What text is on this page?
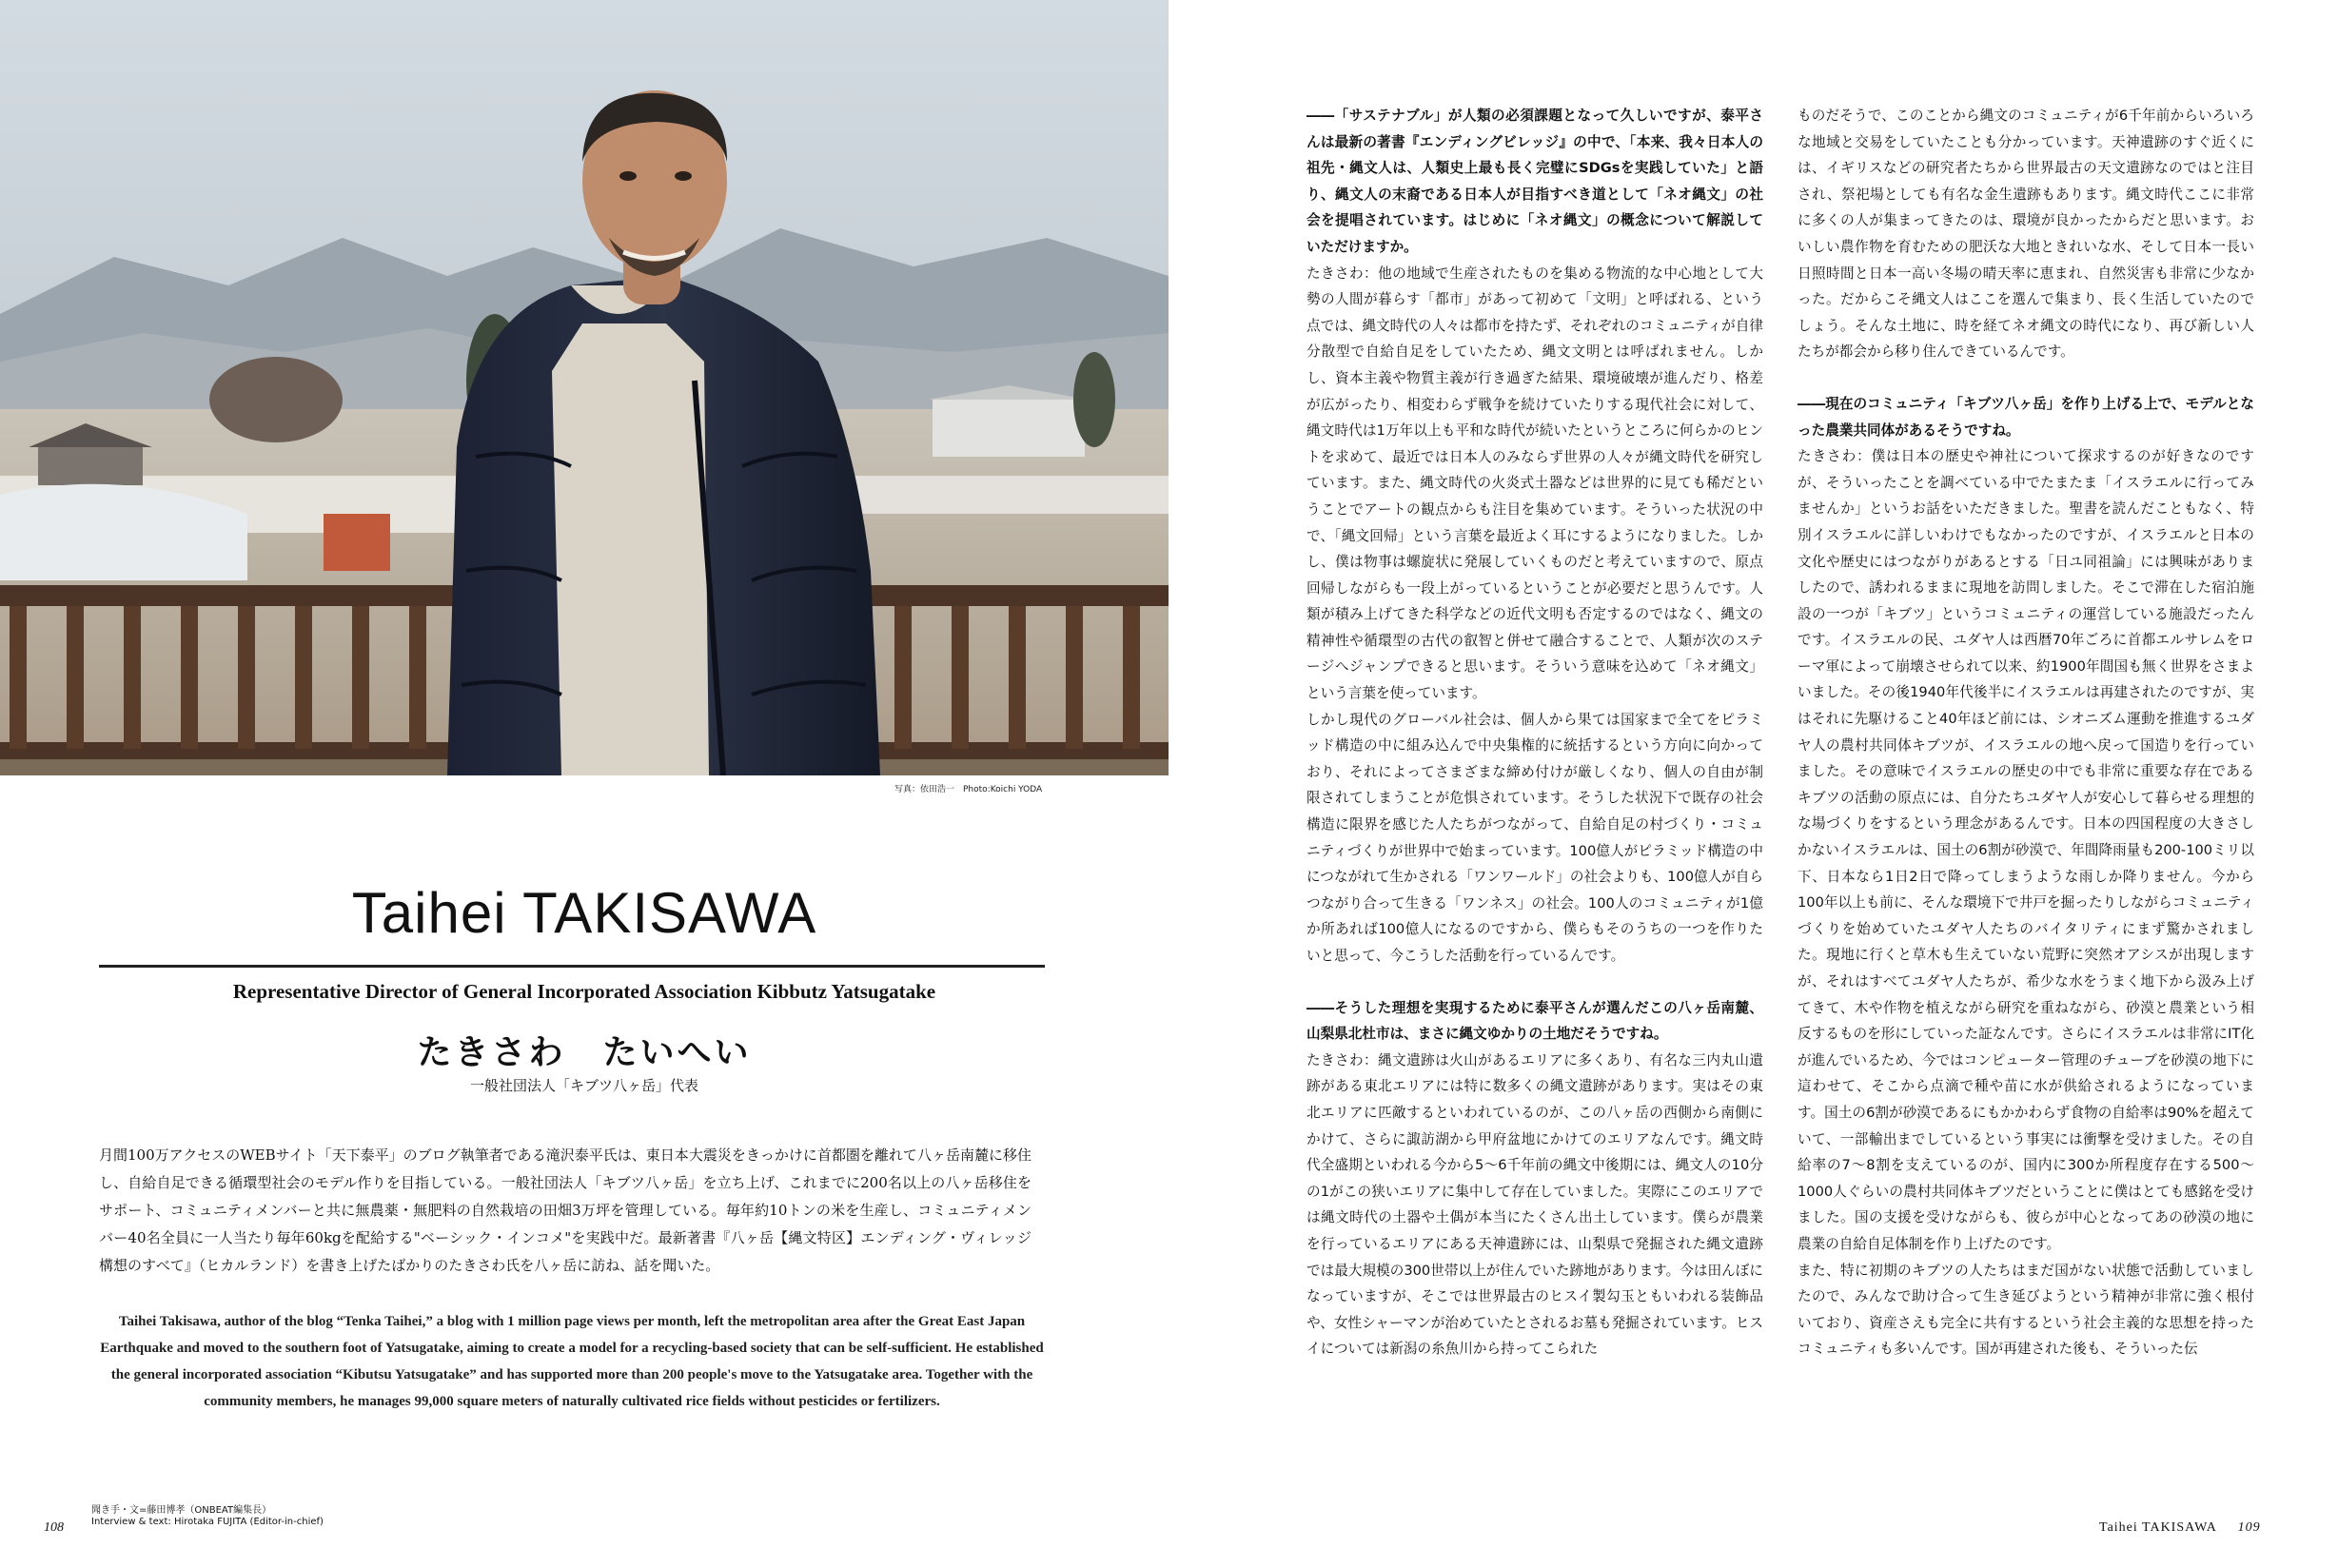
写真：依田浩一　Photo:Koichi YODA
Taihei TAKISAWA
Representative Director of General Incorporated Association Kibbutz Yatsugatake
たきさわ　たいへい
一般社団法人「キブツ八ヶ岳」代表
月間100万アクセスのWEBサイト「天下泰平」のブログ執筆者である滝沢泰平氏は、東日本大震災をきっかけに首都圏を離れて八ヶ岳南麓に移住し、自給自足できる循環型社会のモデル作りを目指している。一般社団法人「キブツ八ヶ岳」を立ち上げ、これまでに200名以上の八ヶ岳移住をサポート、コミュニティメンバーと共に無農薬・無肥料の自然栽培の田畑3万坪を管理している。毎年約10トンの米を生産し、コミュニティメンバー40名全員に一人当たり毎年60kgを配給する"ベーシック・インコメ"を実践中だ。最新著書『八ヶ岳【縄文特区】エンディング・ヴィレッジ構想のすべて』（ヒカルランド）を書き上げたばかりのたきさわ氏を八ヶ岳に訪ね、話を聞いた。
Taihei Takisawa, author of the blog “Tenka Taihei,” a blog with 1 million page views per month, left the metropolitan area after the Great East Japan Earthquake and moved to the southern foot of Yatsugatake, aiming to create a model for a recycling-based society that can be self-sufficient. He established the general incorporated association “Kibutsu Yatsugatake” and has supported more than 200 people's move to the Yatsugatake area. Together with the community members, he manages 99,000 square meters of naturally cultivated rice fields without pesticides or fertilizers.
108
聞き手・文=藤田博孝（ONBEAT編集長）
Interview & text: Hirotaka FUJITA (Editor-in-chief)

――「サステナブル」が人類の必須課題となって久しいですが、泰平さんは最新の著書『エンディングビレッジ』の中で、「本来、我々日本人の祖先・縄文人は、人類史上最も長く完璧にSDGsを実践していた」と語り、縄文人の末裔である日本人が目指すべき道として「ネオ縄文」の社会を提唱されています。はじめに「ネオ縄文」の概念について解説していただけますか。

たきさわ：他の地域で生産されたものを集める物流的な中心地として大勢の人間が暮らす「都市」があって初めて「文明」と呼ばれる、という点では、縄文時代の人々は都市を持たず、それぞれのコミュニティが自律分散型で自給自足をしていたため、縄文文明とは呼ばれません。しかし、資本主義や物質主義が行き過ぎた結果、環境破壊が進んだり、格差が広がったり、相変わらず戦争を続けていたりする現代社会に対して、縄文時代は1万年以上も平和な時代が続いたというところに何らかのヒントを求めて、最近では日本人のみならず世界の人々が縄文時代を研究しています。また、縄文時代の火炎式土器などは世界的に見ても稀だということでアートの観点からも注目を集めています。そういった状況の中で、「縄文回帰」という言葉を最近よく耳にするようになりました。しかし、僕は物事は螺旋状に発展していくものだと考えていますので、原点回帰しながらも一段上がっているということが必要だと思うんです。人類が積み上げてきた科学などの近代文明も否定するのではなく、縄文の精神性や循環型の古代の叡智と併せて融合することで、人類が次のステージへジャンプできると思います。そういう意味を込めて「ネオ縄文」という言葉を使っています。

しかし現代のグローバル社会は、個人から果ては国家まで全てをピラミッド構造の中に組み込んで中央集権的に統括するという方向に向かっており、それによってさまざまな締め付けが厳しくなり、個人の自由が制限されてしまうことが危惧されています。そうした状況下で既存の社会構造に限界を感じた人たちがつながって、自給自足の村づくり・コミュニティづくりが世界中で始まっています。100億人がピラミッド構造の中につながれて生かされる「ワンワールド」の社会よりも、100億人が自らつながり合って生きる「ワンネス」の社会。100人のコミュニティが1億か所あれば100億人になるのですから、僕らもそのうちの一つを作りたいと思って、今こうした活動を行っているんです。

――そうした理想を実現するために泰平さんが選んだこの八ヶ岳南麓、山梨県北杜市は、まさに縄文ゆかりの土地だそうですね。

たきさわ：縄文遺跡は火山があるエリアに多くあり、有名な三内丸山遺跡がある東北エリアには特に数多くの縄文遺跡があります。実はその東北エリアに匹敵するといわれているのが、この八ヶ岳の西側から南側にかけて、さらに諏訪湖から甲府盆地にかけてのエリアなんです。縄文時代全盛期といわれる今から5～6千年前の縄文中後期には、縄文人の10分の1がこの狭いエリアに集中して存在していました。実際にこのエリアでは縄文時代の土器や土偶が本当にたくさん出土しています。僕らが農業を行っているエリアにある天神遺跡には、山梨県で発掘された縄文遺跡では最大規模の300世帯以上が住んでいた跡地があります。今は田んぼになっていますが、そこでは世界最古のヒスイ製勾玉ともいわれる装飾品や、女性シャーマンが治めていたとされるお墓も発掘されています。ヒスイについては新潟の糸魚川から持ってこられた

ものだそうで、このことから縄文のコミュニティが6千年前からいろいろな地域と交易をしていたことも分かっています。天神遺跡のすぐ近くには、イギリスなどの研究者たちから世界最古の天文遺跡なのではと注目され、祭祀場としても有名な金生遺跡もあります。縄文時代ここに非常に多くの人が集まってきたのは、環境が良かったからだと思います。おいしい農作物を育むための肥沃な大地ときれいな水、そして日本一長い日照時間と日本一高い冬場の晴天率に恵まれ、自然災害も非常に少なかった。だからこそ縄文人はここを選んで集まり、長く生活していたのでしょう。そんな土地に、時を経てネオ縄文の時代になり、再び新しい人たちが都会から移り住んできているんです。

――現在のコミュニティ「キブツ八ヶ岳」を作り上げる上で、モデルとなった農業共同体があるそうですね。

たきさわ：僕は日本の歴史や神社について探求するのが好きなのですが、そういったことを調べている中でたまたま「イスラエルに行ってみませんか」というお話をいただきました。聖書を読んだこともなく、特別イスラエルに詳しいわけでもなかったのですが、イスラエルと日本の文化や歴史にはつながりがあるとする「日ユ同祖論」には興味がありましたので、誘われるままに現地を訪問しました。そこで滞在した宿泊施設の一つが「キブツ」というコミュニティの運営している施設だったんです。イスラエルの民、ユダヤ人は西暦70年ごろに首都エルサレムをローマ軍によって崩壊させられて以来、約1900年間国も無く世界をさまよいました。その後1940年代後半にイスラエルは再建されたのですが、実はそれに先駆けること40年ほど前には、シオニズム運動を推進するユダヤ人の農村共同体キブツが、イスラエルの地へ戻って国造りを行っていました。その意味でイスラエルの歴史の中でも非常に重要な存在であるキブツの活動の原点には、自分たちユダヤ人が安心して暮らせる理想的な場づくりをするという理念があるんです。日本の四国程度の大きさしかないイスラエルは、国土の6割が砂漠で、年間降雨量も200-100ミリ以下、日本なら1日2日で降ってしまうような雨しか降りません。今から100年以上も前に、そんな環境下で井戸を掘ったりしながらコミュニティづくりを始めていたユダヤ人たちのバイタリティにまず驚かされました。現地に行くと草木も生えていない荒野に突然オアシスが出現しますが、それはすべてユダヤ人たちが、希少な水をうまく地下から汲み上げてきて、木や作物を植えながら研究を重ねながら、砂漠と農業という相反するものを形にしていった証なんです。さらにイスラエルは非常にIT化が進んでいるため、今ではコンピューター管理のチューブを砂漠の地下に這わせて、そこから点滴で種や苗に水が供給されるようになっています。国土の6割が砂漠であるにもかかわらず食物の自給率は90%を超えていて、一部輸出までしているという事実には衝撃を受けました。その自給率の7～8割を支えているのが、国内に300か所程度存在する500～1000人ぐらいの農村共同体キブツだということに僕はとても感銘を受けました。国の支援を受けながらも、彼らが中心となってあの砂漠の地に農業の自給自足体制を作り上げたのです。

また、特に初期のキブツの人たちはまだ国がない状態で活動していましたので、みんなで助け合って生き延びようという精神が非常に強く根付いており、資産さえも完全に共有するという社会主義的な思想を持ったコミュニティも多いんです。国が再建された後も、そういった伝

Taihei TAKISAWA 109
